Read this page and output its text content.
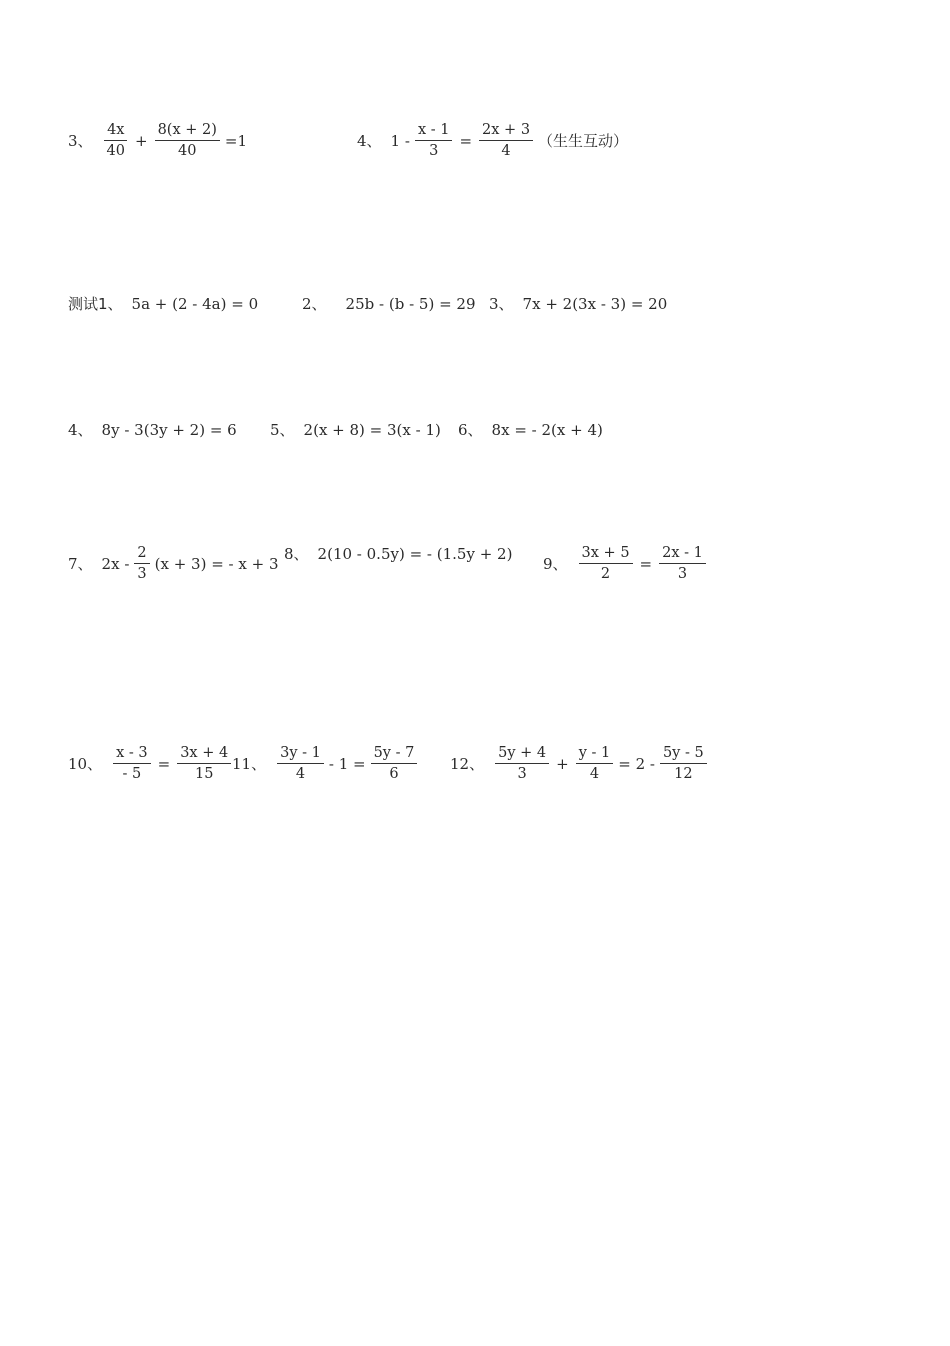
3、 $\frac{4x}{40} + \frac{8(x + 2)}{40} =1$	4、 $1 - \frac{x - 1}{3} = \frac{2x + 3}{4}$ （生生互动）
测试1、 5a + (2 - 4a) = 0	2、 25b - (b - 5) = 29 3、 7x + 2(3x - 3) = 20
4、 8y - 3(3y + 2) = 6 5、 2(x + 8) = 3(x - 1) 6、 8x = - 2(x + 4)
7、 $2x - \frac{2}{3} (x + 3)$ = - x + 3
8、 2(10 - 0.5y) = - (1.5y + 2)
9、 $\frac{3x + 5}{2} = \frac{2x - 1}{3}$
10、 $\frac{x - 3}{- 5} = \frac{3x + 4}{15} 11$、 $\frac{3y - 1}{4} - 1 = \frac{5y - 7}{6} 12$、 $\frac{5y + 4}{3} + \frac{y - 1}{4} = 2 - \frac{5y - 5}{12}$
